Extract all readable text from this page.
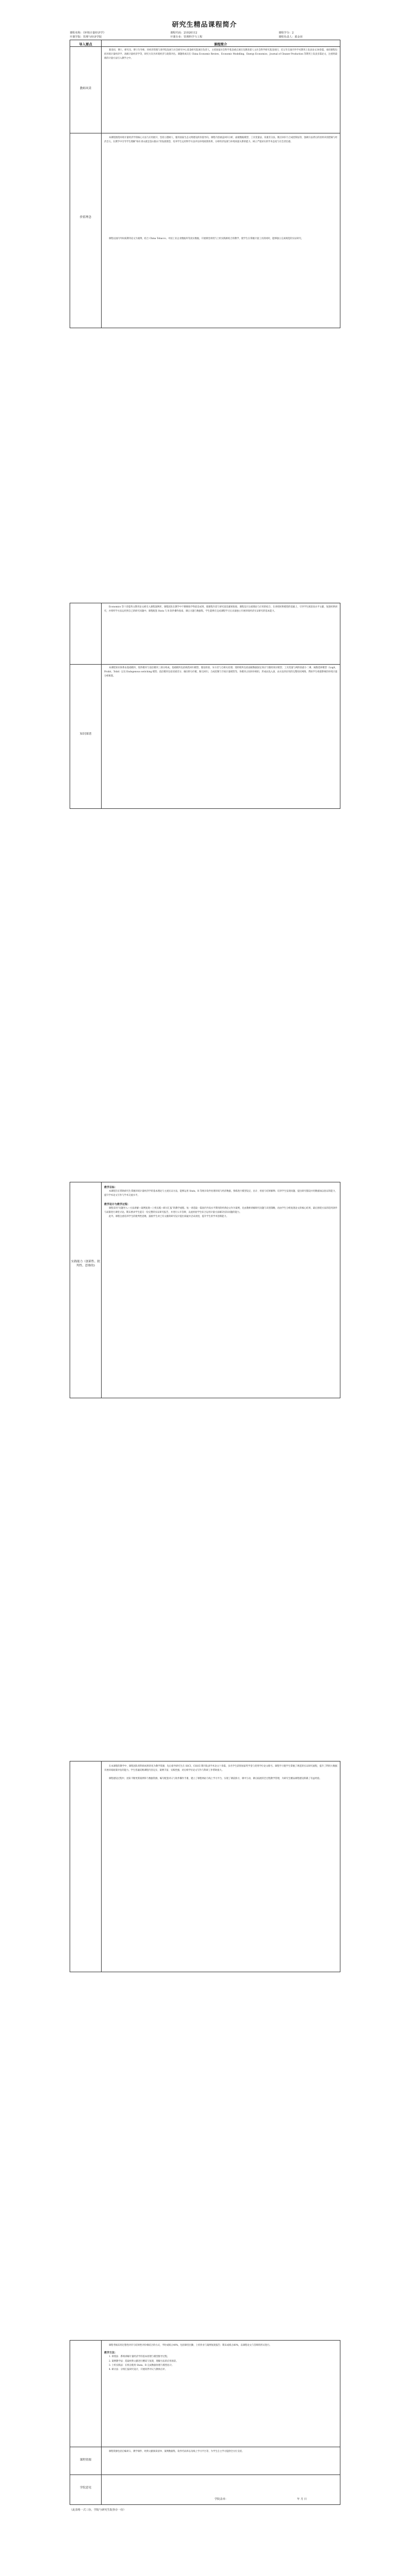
研究生精品课程简介
课程名称：《环境计量经济学》	课程代码：21020112	课程学分：2
开课学院：管理与经济学院	开课专业：管理科学与工程	课程负责人：葛金田
导入要点	课程简介
教师风采

葛金田，博士，研究员，博士生导师，环经济管理与商学院发展与社会研究中心基金研究院项目负责人，主持国家社会科学基金重点项目及教育部人文社会科学研究基金项目，近五年在国内外学术期刊上发表论文30余篇，承担课程包括环境计量经济学、高级计量经济学等，研究方向为环境经济与政策评估。课题组成员在 China Economic Review、Economic Modelling、Energy Economics、Journal of Cleaner Production 等期刊上发表多篇论文，注重将最新的计量方法引入教学之中。

价值理念

本课程围绕环境计量经济学的核心方法与应用展开，坚持立德树人、服务国家生态文明建设的价值导向。课程内容涵盖回归分析、面板数据模型、工具变量法、双重差分法、断点回归与合成控制法等，强调方法背后的因果识别逻辑与经济含义。在教学中引导学生理解“绿水青山就是金山银山”的发展理念，培养学生运用科学方法评估环境政策效果、分析经济发展与环境质量关系的能力，树立严谨求实的学术态度与社会责任感。

课程以国内外权威期刊论文为案例，结合 China Tobacco、中国工业企业数据库等真实数据，开展课堂讲授与上机实践相结合的教学，使学生在掌握计量工具的同时，能够独立完成规范的实证研究。

Economics 等十余篇英文期刊论文被引入课程案例库，课程团队在教学中不断吸收学科前沿成果，使课程内容与研究前沿紧密衔接。课程设计注重理论与应用的结合，在讲授经典模型的基础上，引导学生阅读高水平文献、复现经典研究，并将所学方法运用到自己的研究问题中。课程配套 Stata 与 R 软件操作指南、课后习题与数据集，学生能够在完成课程学习后具备独立开展环境经济实证研究的基本能力。

知识图谱

本课程知识体系由基础模块、进阶模块与前沿模块三部分构成。基础模块包括线性回归模型、假设检验、异方差与自相关处理；进阶模块包括面板数据固定效应与随机效应模型、工具变量与两阶段最小二乘、离散选择模型（Logit、Probit、Tobit）以及 Endogenous switching 模型；前沿模块包括双重差分、倾向得分匹配、断点回归、合成控制与空间计量模型等。各模块之间环环相扣，形成由浅入深、由方法到应用的完整知识网络，帮助学生构建系统的环境计量分析框架。

实践能力（创新性、批判性、思维的)

教学目标：

本课程旨在帮助研究生掌握环境计量经济学的基本理论与主流实证方法，能够运用 Stata、R 等统计软件处理环境与经济数据，熟练进行模型设定、估计、检验与结果解释；培养学生发现问题、提出研究假设并用数据加以验证的能力，提升学术论文写作与学术交流水平。

教学设计与教学过程：

课程采用“问题导入—方法讲解—案例复现—上机实践—研讨汇报”的教学流程。每一讲选取一篇国内外高水平期刊的经典论文作为案例，先由教师讲解研究问题与识别策略，再由学生分组复现论文的核心结果，最后围绕方法的适用条件与局限进行课堂讨论。期末要求学生提交一份完整的实证研究报告，并进行公开答辩，以此检验学生综合运用计量方法解决实际问题的能力。

此外，课程注重培养学生的批判性思维，鼓励学生对已有文献的研究设计提出质疑并尝试改进，提升学生的学术创新能力。

在本课程的教学中，课程团队将科研成果转化为教学资源，先后指导研究生在 SSCI、CSSCI 期刊发表学术论文十余篇，多名学生获得国家奖学金与优秀学位论文称号。课程学习使学生掌握了规范的实证研究流程，提升了利用大数据开展环境政策评估的能力。学生普遍反映课程内容充实、案例丰富、实践性强，对后续学位论文写作与科研工作帮助很大。

课程建设过程中，团队不断更新案例库与数据资源，编写配套讲义与软件操作手册，建立了课程网站与线上学习平台，实现了课前预习、课中互动、课后拓展的全过程教学管理，为研究生精品课程建设积累了有益经验。

课程考核采用过程性评价与结果性评价相结合的方式，平时成绩占40%，包括课堂出勤、上机作业与案例复现报告；期末成绩占60%，以课程论文与答辩的形式进行。

教学方法：

1. 讲授法：系统讲解计量经济学的基本原理与模型推导过程。

2. 案例教学法：选取经典文献进行精读与复现，理解方法的应用场景。

3. 上机实践法：在机房使用 Stata、R 完成数据处理与模型估计。

4. 研讨法：分组汇报研究设计，开展同伴评议与教师点评。

课程资源

课程资源包括自编讲义、教学课件、经典文献阅读清单、案例数据集、软件代码库以及线上学习平台等，为学生自主学习提供全方位支持。

学院意见
学院盖章：	年 月 日
（此表格一式三份，学院与研究生院各存一份）
